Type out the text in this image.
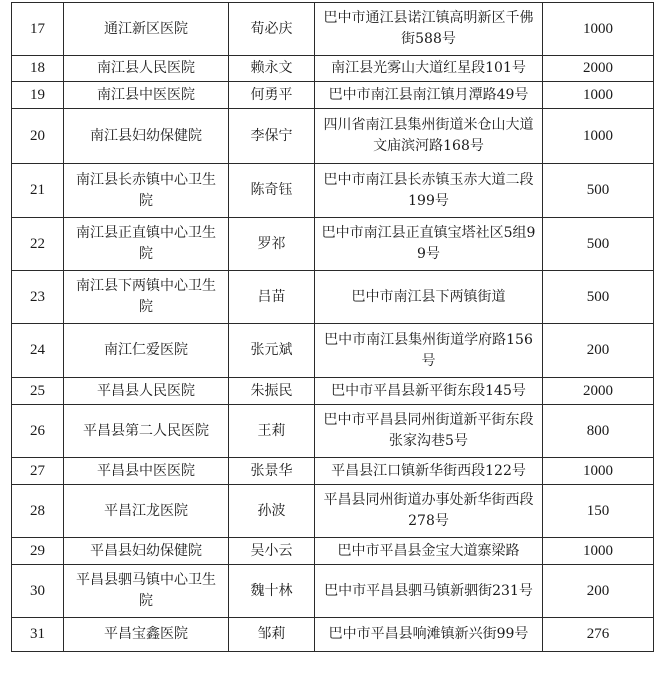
17	通江新区医院	荀必庆	巴中市通江县诺江镇高明新区千佛街588号	1000
18	南江县人民医院	赖永文	南江县光雾山大道红星段101号	2000
19	南江县中医医院	何勇平	巴中市南江县南江镇月潭路49号	1000
20	南江县妇幼保健院	李保宁	四川省南江县集州街道米仓山大道文庙滨河路168号	1000
21	南江县长赤镇中心卫生院	陈奇钰	巴中市南江县长赤镇玉赤大道二段199号	500
22	南江县正直镇中心卫生院	罗祁	巴中市南江县正直镇宝塔社区5组99号	500
23	南江县下两镇中心卫生院	吕苗	巴中市南江县下两镇街道	500
24	南江仁爱医院	张元斌	巴中市南江县集州街道学府路156号	200
25	平昌县人民医院	朱振民	巴中市平昌县新平街东段145号	2000
26	平昌县第二人民医院	王莉	巴中市平昌县同州街道新平街东段张家沟巷5号	800
27	平昌县中医医院	张景华	平昌县江口镇新华街西段122号	1000
28	平昌江龙医院	孙波	平昌县同州街道办事处新华街西段278号	150
29	平昌县妇幼保健院	吴小云	巴中市平昌县金宝大道寨梁路	1000
30	平昌县驷马镇中心卫生院	魏十林	巴中市平昌县驷马镇新驷街231号	200
31	平昌宝鑫医院	邹莉	巴中市平昌县响滩镇新兴街99号	276
